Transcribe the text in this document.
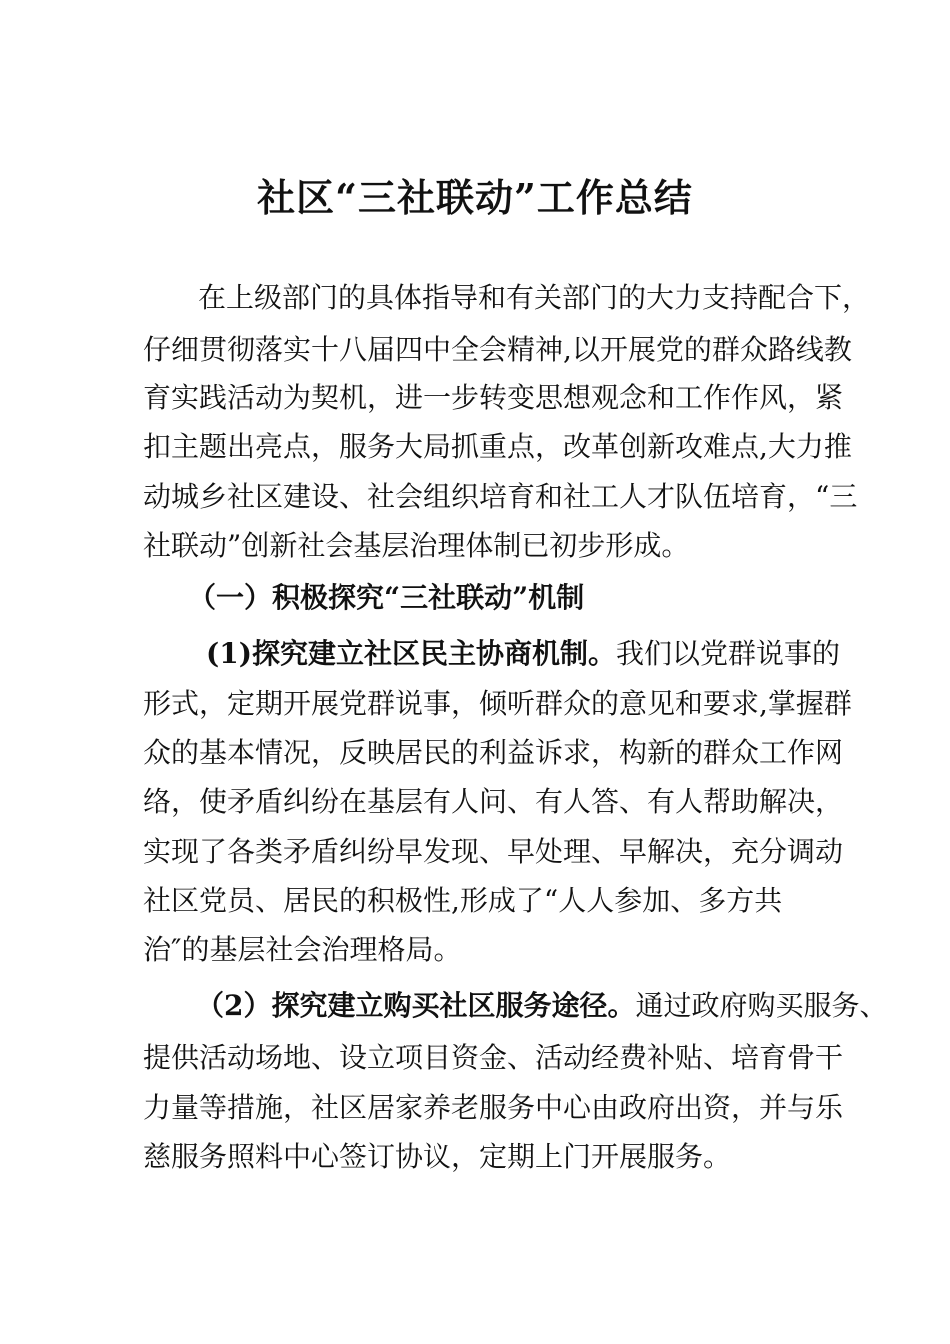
社区“三社联动”工作总结
在上级部门的具体指导和有关部门的大力支持配合下，
仔细贯彻落实十八届四中全会精神,以开展党的群众路线教
育实践活动为契机，进一步转变思想观念和工作作风，紧
扣主题出亮点，服务大局抓重点，改革创新攻难点,大力推
动城乡社区建设、社会组织培育和社工人才队伍培育，“三
社联动”创新社会基层治理体制已初步形成。
（一）积极探究“三社联动”机制
(1)探究建立社区民主协商机制。我们以党群说事的
形式，定期开展党群说事，倾听群众的意见和要求,掌握群
众的基本情况，反映居民的利益诉求，构新的群众工作网
络，使矛盾纠纷在基层有人问、有人答、有人帮助解决，
实现了各类矛盾纠纷早发现、早处理、早解决，充分调动
社区党员、居民的积极性,形成了“人人参加、多方共
治″的基层社会治理格局。
（2）探究建立购买社区服务途径。通过政府购买服务、
提供活动场地、设立项目资金、活动经费补贴、培育骨干
力量等措施，社区居家养老服务中心由政府出资，并与乐
慈服务照料中心签订协议，定期上门开展服务。
